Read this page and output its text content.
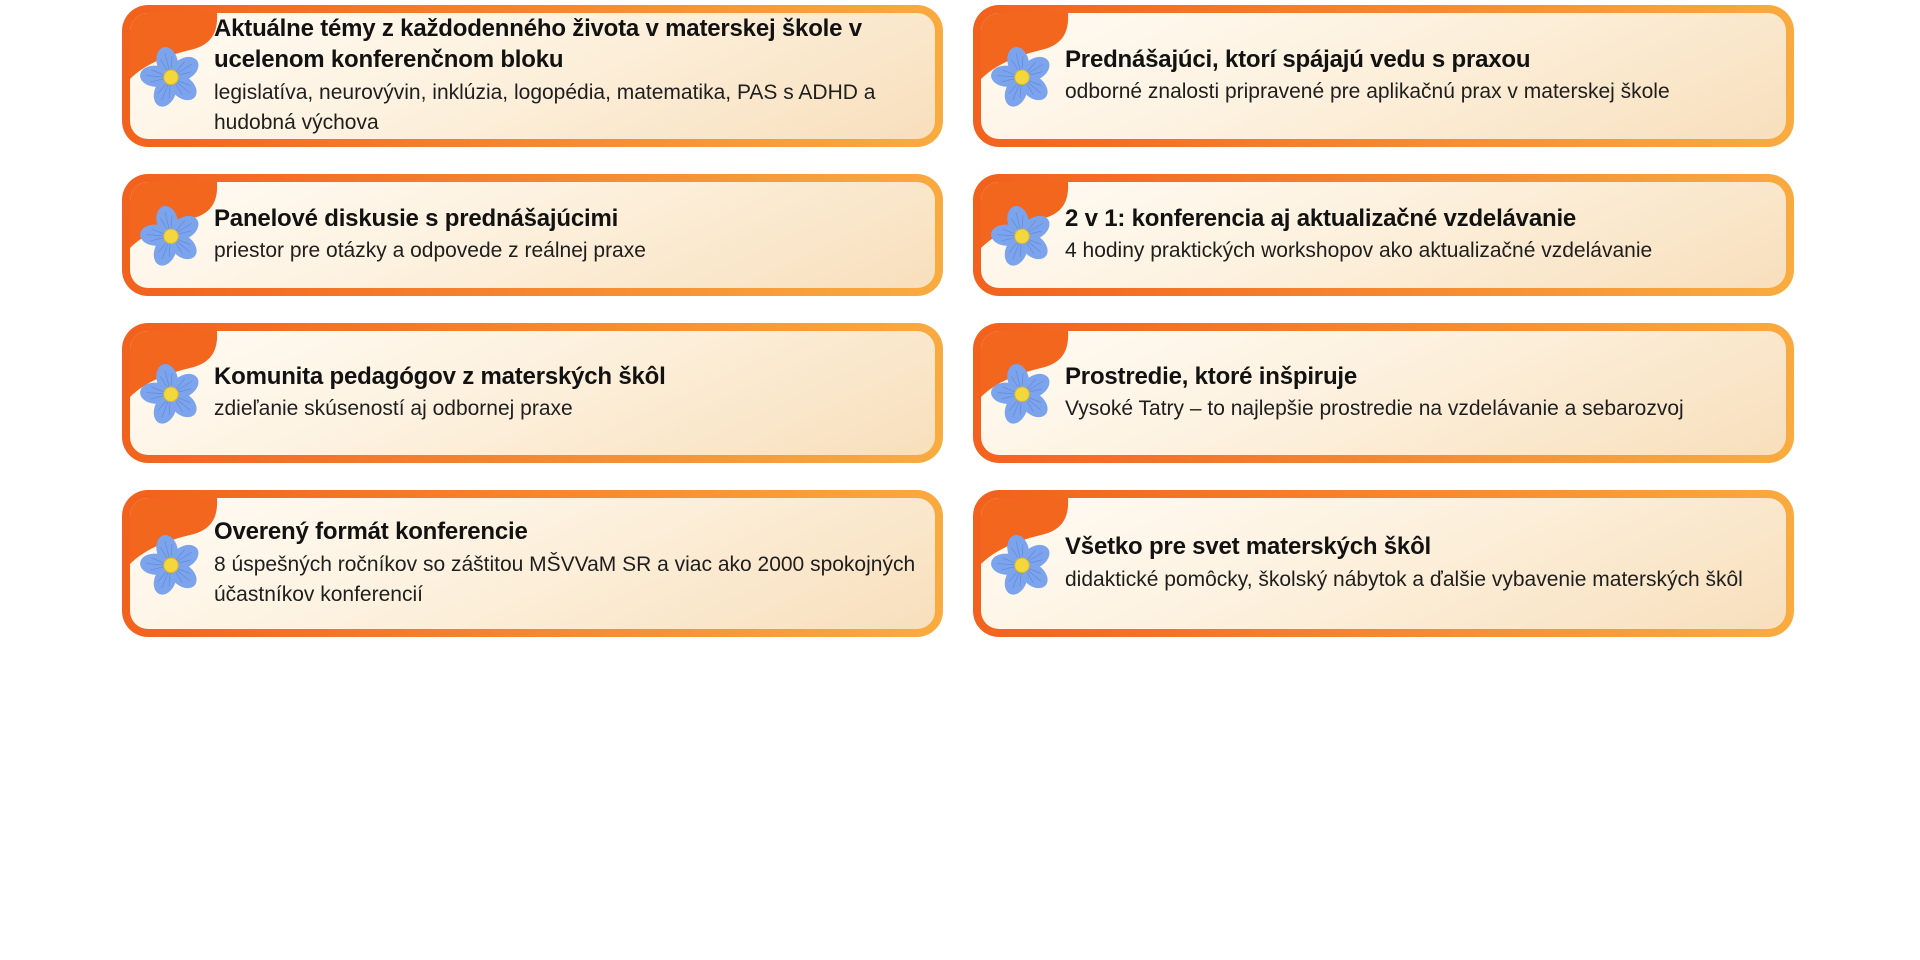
Aktuálne témy z každodenného života v materskej škole v ucelenom konferenčnom bloku
legislatíva, neurovývin, inklúzia, logopédia, matematika, PAS s ADHD a hudobná výchova
Prednášajúci, ktorí spájajú vedu s praxou
odborné znalosti pripravené pre aplikačnú prax v materskej škole
Panelové diskusie s prednášajúcimi
priestor pre otázky a odpovede z reálnej praxe
2 v 1: konferencia aj aktualizačné vzdelávanie
4 hodiny praktických workshopov ako aktualizačné vzdelávanie
Komunita pedagógov z materských škôl
zdieľanie skúseností aj odbornej praxe
Prostredie, ktoré inšpiruje
Vysoké Tatry – to najlepšie prostredie na vzdelávanie a sebarozvoj
Overený formát konferencie
8 úspešných ročníkov so záštitou MŠVVaM SR a viac ako 2000 spokojných účastníkov konferencií
Všetko pre svet materských škôl
didaktické pomôcky, školský nábytok a ďalšie vybavenie materských škôl
